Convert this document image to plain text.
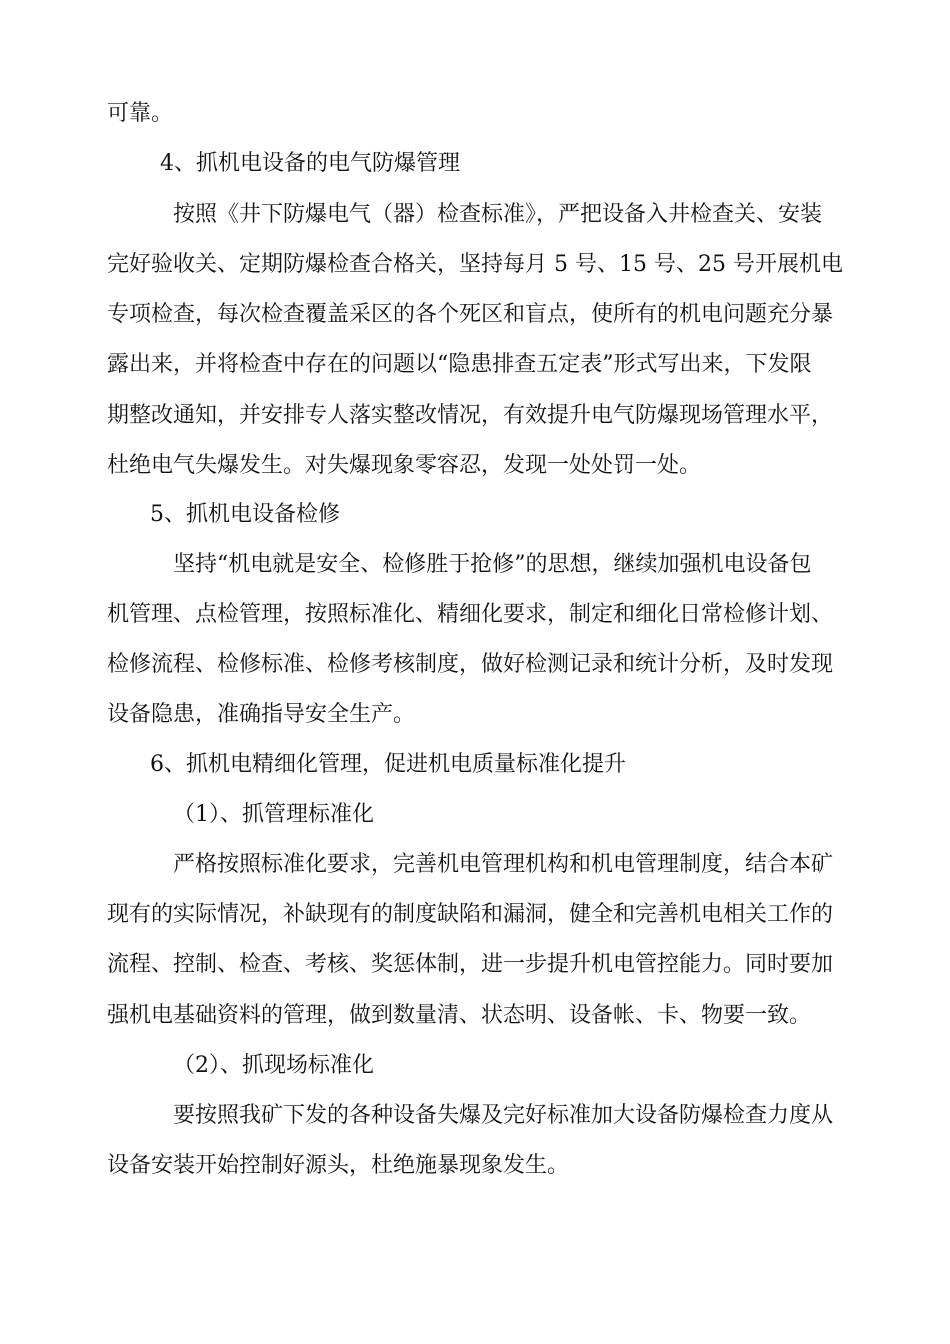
可靠。
4、抓机电设备的电气防爆管理
按照《井下防爆电气（器）检查标准》，严把设备入井检查关、安装
完好验收关、定期防爆检查合格关，坚持每月 5 号、15 号、25 号开展机电
专项检查，每次检查覆盖采区的各个死区和盲点，使所有的机电问题充分暴
露出来，并将检查中存在的问题以“隐患排查五定表”形式写出来，下发限
期整改通知，并安排专人落实整改情况，有效提升电气防爆现场管理水平，
杜绝电气失爆发生。对失爆现象零容忍，发现一处处罚一处。
5、抓机电设备检修
坚持“机电就是安全、检修胜于抢修”的思想，继续加强机电设备包
机管理、点检管理，按照标准化、精细化要求，制定和细化日常检修计划、
检修流程、检修标准、检修考核制度，做好检测记录和统计分析，及时发现
设备隐患，准确指导安全生产。
6、抓机电精细化管理，促进机电质量标准化提升
（1）、抓管理标准化
严格按照标准化要求，完善机电管理机构和机电管理制度，结合本矿
现有的实际情况，补缺现有的制度缺陷和漏洞，健全和完善机电相关工作的
流程、控制、检查、考核、奖惩体制，进一步提升机电管控能力。同时要加
强机电基础资料的管理，做到数量清、状态明、设备帐、卡、物要一致。
（2）、抓现场标准化
要按照我矿下发的各种设备失爆及完好标准加大设备防爆检查力度从
设备安装开始控制好源头，杜绝施暴现象发生。
